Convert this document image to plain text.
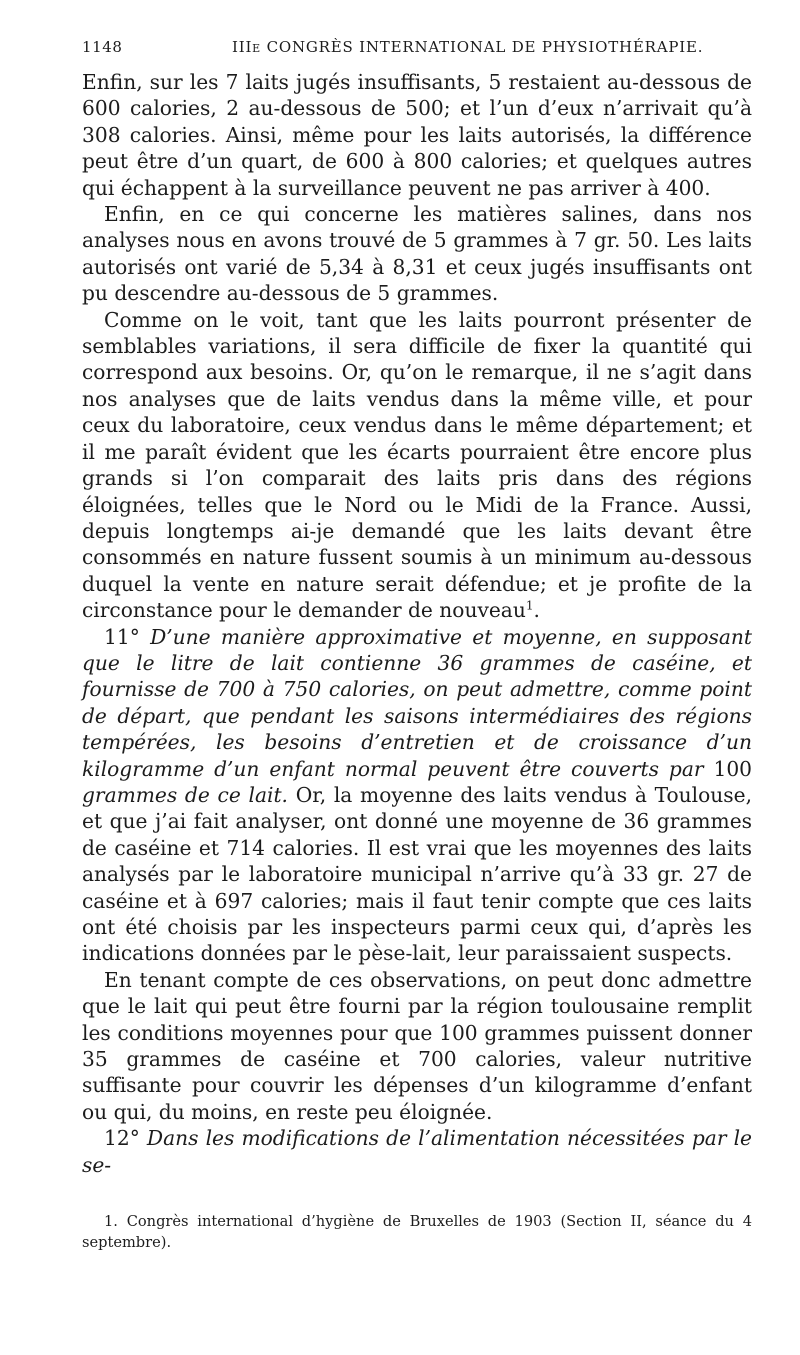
1148	IIIe CONGRÈS INTERNATIONAL DE PHYSIOTHÉRAPIE.

Enfin, sur les 7 laits jugés insuffisants, 5 restaient au-dessous de 600 calories, 2 au-dessous de 500; et l’un d’eux n’arrivait qu’à 308 calories. Ainsi, même pour les laits autorisés, la différence peut être d’un quart, de 600 à 800 calories; et quelques autres qui échappent à la surveillance peuvent ne pas arriver à 400.

Enfin, en ce qui concerne les matières salines, dans nos analyses nous en avons trouvé de 5 grammes à 7 gr. 50. Les laits autorisés ont varié de 5,34 à 8,31 et ceux jugés insuffisants ont pu descendre au-dessous de 5 grammes.

Comme on le voit, tant que les laits pourront présenter de semblables variations, il sera difficile de fixer la quantité qui correspond aux besoins. Or, qu’on le remarque, il ne s’agit dans nos analyses que de laits vendus dans la même ville, et pour ceux du laboratoire, ceux vendus dans le même département; et il me paraît évident que les écarts pourraient être encore plus grands si l’on comparait des laits pris dans des régions éloignées, telles que le Nord ou le Midi de la France. Aussi, depuis longtemps ai-je demandé que les laits devant être consommés en nature fussent soumis à un minimum au-dessous duquel la vente en nature serait défendue; et je profite de la circonstance pour le demander de nouveau$^1$.

11° D’une manière approximative et moyenne, en supposant que le litre de lait contienne 36 grammes de caséine, et fournisse de 700 à 750 calories, on peut admettre, comme point de départ, que pendant les saisons intermédiaires des régions tempérées, les besoins d’entretien et de croissance d’un kilogramme d’un enfant normal peuvent être couverts par 100 grammes de ce lait. Or, la moyenne des laits vendus à Toulouse, et que j’ai fait analyser, ont donné une moyenne de 36 grammes de caséine et 714 calories. Il est vrai que les moyennes des laits analysés par le laboratoire municipal n’arrive qu’à 33 gr. 27 de caséine et à 697 calories; mais il faut tenir compte que ces laits ont été choisis par les inspecteurs parmi ceux qui, d’après les indications données par le pèse-lait, leur paraissaient suspects.

En tenant compte de ces observations, on peut donc admettre que le lait qui peut être fourni par la région toulousaine remplit les conditions moyennes pour que 100 grammes puissent donner 35 grammes de caséine et 700 calories, valeur nutritive suffisante pour couvrir les dépenses d’un kilogramme d’enfant ou qui, du moins, en reste peu éloignée.

12° Dans les modifications de l’alimentation nécessitées par le se-

1. Congrès international d’hygiène de Bruxelles de 1903 (Section II, séance du 4 septembre).
